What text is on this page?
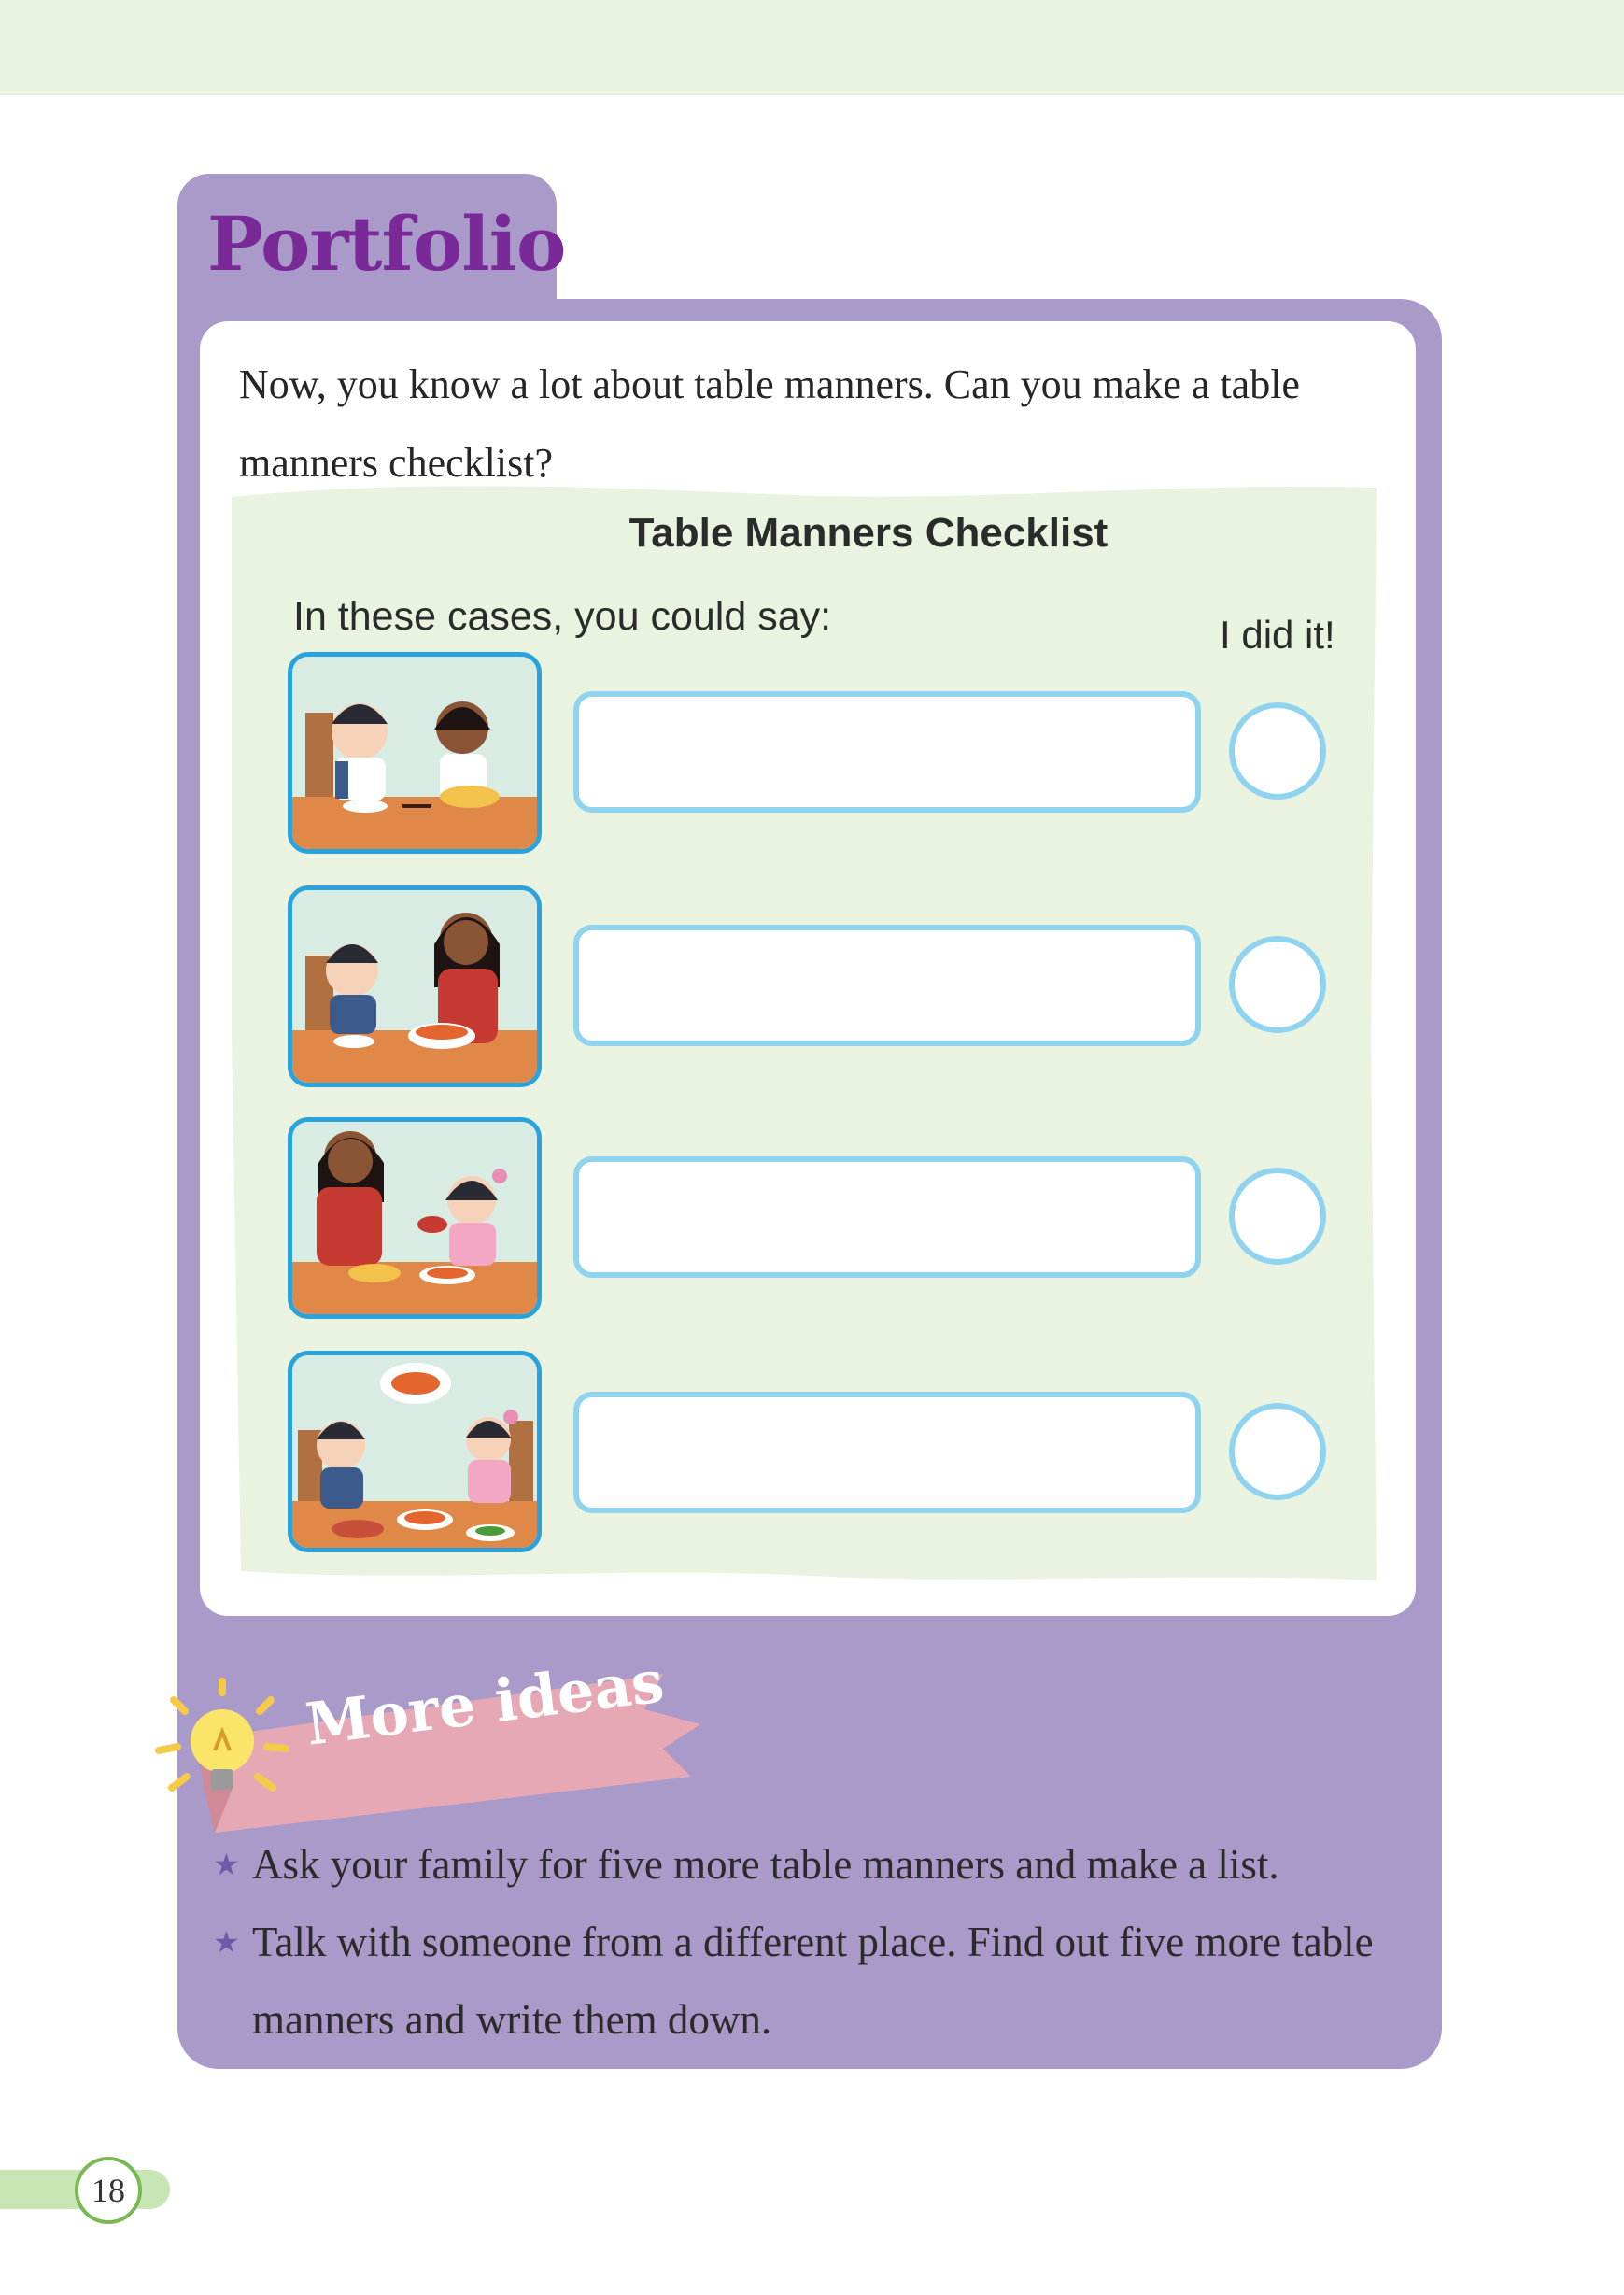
Portfolio

Now, you know a lot about table manners. Can you make a table manners checklist?

Table Manners Checklist
In these cases, you could say:	I did it!
More ideas
★ Ask your family for five more table manners and make a list.
★ Talk with someone from a different place. Find out five more table manners and write them down.
18
